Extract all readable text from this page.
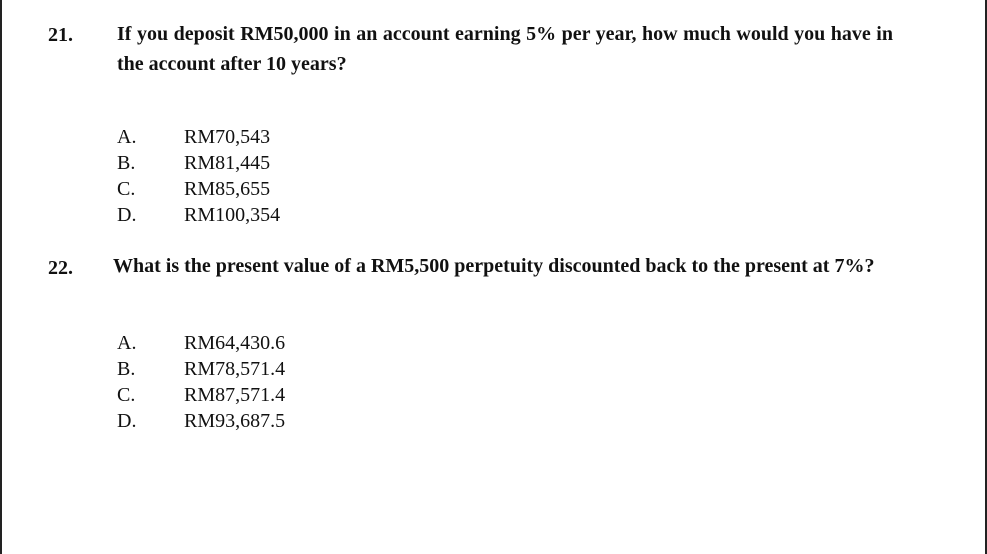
21. If you deposit RM50,000 in an account earning 5% per year, how much would you have in the account after 10 years?
A. RM70,543
B. RM81,445
C. RM85,655
D. RM100,354
22.	What is the present value of a RM5,500 perpetuity discounted back to the present at 7%?
A. RM64,430.6
B. RM78,571.4
C. RM87,571.4
D. RM93,687.5
